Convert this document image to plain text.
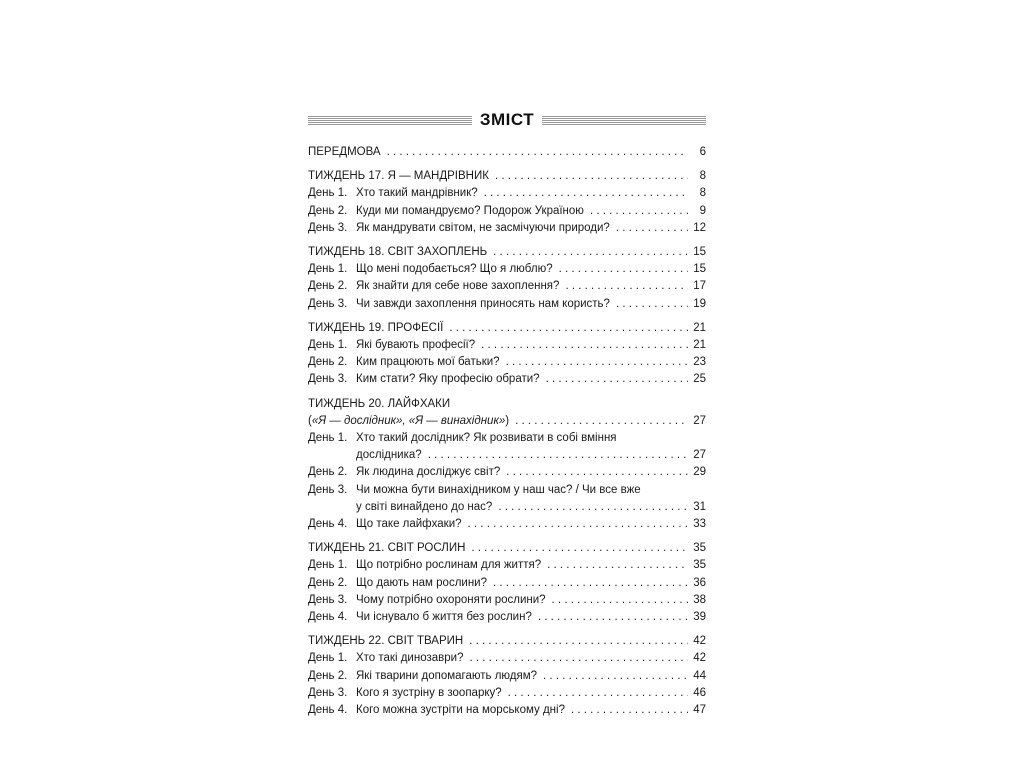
ЗМІСТ
ПЕРЕДМОВА . . .	6
ТИЖДЕНЬ 17. Я — МАНДРІВНИК . . .	8
День 1. Хто такий мандрівник? . . .	8
День 2. Куди ми помандруємо? Подорож Україною . . .	9
День 3. Як мандрувати світом, не засмічуючи природи? . . .	12
ТИЖДЕНЬ 18. СВІТ ЗАХОПЛЕНЬ . . .	15
День 1. Що мені подобається? Що я люблю? . . .	15
День 2. Як знайти для себе нове захоплення? . . .	17
День 3. Чи завжди захоплення приносять нам користь? . . .	19
ТИЖДЕНЬ 19. ПРОФЕСІЇ . . .	21
День 1. Які бувають професії? . . .	21
День 2. Ким працюють мої батьки? . . .	23
День 3. Ким стати? Яку професію обрати? . . .	25
ТИЖДЕНЬ 20. ЛАЙФХАКИ
(«Я — дослідник», «Я — винахідник») . . .	27
День 1. Хто такий дослідник? Як розвивати в собі вміння
дослідника? . . .	27
День 2. Як людина досліджує світ? . . .	29
День 3. Чи можна бути винахідником у наш час? / Чи все вже
у світі винайдено до нас? . . .	31
День 4. Що таке лайфхаки? . . .	33
ТИЖДЕНЬ 21. СВІТ РОСЛИН . . .	35
День 1. Що потрібно рослинам для життя? . . .	35
День 2. Що дають нам рослини? . . .	36
День 3. Чому потрібно охороняти рослини? . . .	38
День 4. Чи існувало б життя без рослин? . . .	39
ТИЖДЕНЬ 22. СВІТ ТВАРИН . . .	42
День 1. Хто такі динозаври? . . .	42
День 2. Які тварини допомагають людям? . . .	44
День 3. Кого я зустріну в зоопарку? . . .	46
День 4. Кого можна зустріти на морському дні? . . .	47
